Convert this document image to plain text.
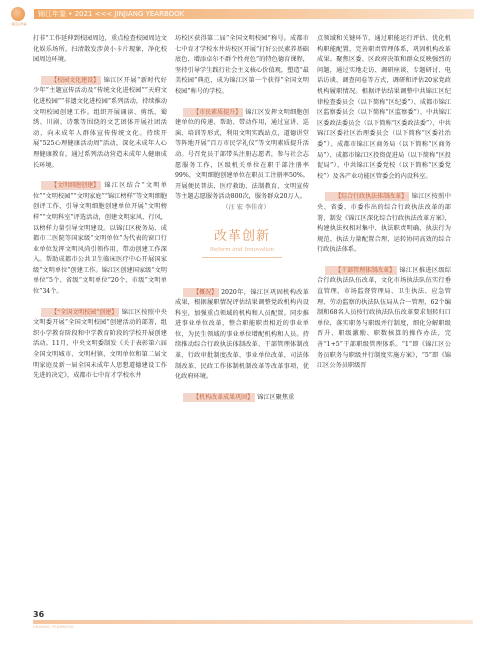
锦江区年鉴
锦江年鉴 • 2021 <<< JINJIANG YEARBOOK

打非”工作延伸到校园周边，重点检查校园周边文化娱乐场所，扫清散发涉黄小卡片现象，净化校园周边环境。

【校园文化建设】 锦江区开展“新时代好少年”主题宣传活动及“传统文化进校园”“天府文化进校园”“非遗文化进校园”系列活动，持续推动文明校园创建工作。组织开展诵读、剪纸、蜀绣、川剧、诗歌等围绕的文艺团体开展社团活动，向未成年人群体宣传传统文化。持续开展“525心理健康活动周”活动，深化未成年人心理健康教育。通过系列活动营造未成年人健康成长环境。

【文明细胞创建】 锦江区结合“文明单位”“文明校园”“文明家庭”“锦江榜样”等文明细胞创评工作，引导文明细胞创建单位开展“文明榜样”“文明科室”评选活动，创建文明家风、行风，以榜样力量引导文明建设。以锦江区税务局、成都市二医院等国家级“文明单位”为代表的窗口行业单位发挥文明风尚引领作用，带动创建工作深入。帮助成都市公共卫生临床医疗中心开展国家级“文明单位”创建工作。锦江区创建国家级“文明单位”5个、省级“文明单位”20个、市级“文明单位”34个。

【“全国文明校园”创建】 锦江区按照中央文明委开展“全国文明校园”创建活动的部署，组织小学教育阶段和中学教育阶段的学校开展创建活动。11月，中央文明委制发《关于表彰第六届全国文明城市、文明村镇、文明单位和第二届文明家庭及新一届全国未成年人思想道德建设工作先进的决定》，成都市七中育才学校水井

坊校区获得第二届“全国文明校园”称号。成都市七中育才学校水井坊校区开展“打好公民素养基础底色、增添卓尔不群个性亮色”的特色德育课程，坚持引导学生践行社会主义核心价值观，塑造“最美校园”典范，成为锦江区第一个获得“全国文明校园”称号的学校。

【市民素质提升】 锦江区发挥文明细胞创建单位的传递、帮助、带动作用，通过宣讲、巡演、培训等形式，利用文明实践站点，道德讲堂等阵地开展“百万市民学礼仪”等文明素质提升活动。号召党员干部带头注册志愿者，参与社会志愿服务工作，区级机关单位在职干部注册率99%，文明细胞创建单位在职员工注册率50%。开展便民普法、医疗救助、法制教育、文明宣传等主题志愿服务活动800次，服务群众20万人。

（汪 宏 李佳奇）

改革创新
Reform and Innovation

【概况】 2020年，锦江区巩固机构改革成果，根据履职情况评估结果调整党政机构内设科室，加强重点领域的机构和人员配置。同步推进事业单位改革，整合职能职责相近的事业单位，为民生领域的事业单位增配机构和人员。持续推动综合行政执法体制改革、干部管理体制改革、行政审批制度改革、事业单位改革、司法体制改革、民政工作体制机制改革等改革事项，优化政府环境。

【机构改革成果巩固】 锦江区聚焦重

点领域和关键环节，通过职能运行评估、优化机构职能配置，完善职责管理体系，巩固机构改革成果。聚焦区委、区政府决策和群众反映强烈的问题，通过实地走访、调研座谈、专题研讨、电话访谈、调查问卷等方式，调研和评估20家党政机构履职情况。根据评估结果调整中共锦江区纪律检查委员会（以下简称“区纪委”）、成都市锦江区监察委员会（以下简称“区监察委”）、中共锦江区委政法委员会（以下简称“区委政法委”）、中共锦江区委社区治理委员会（以下简称“区委社治委”）、成都市锦江区商务局（以下简称“区商务局”）、成都市锦江区投资促进局（以下简称“区投促局”）、中共锦江区委党校（以下简称“区委党校”）及各产业功能区管委会的内设科室。

【综合行政执法体制改革】 锦江区按照中央、省委、市委作出的综合行政执法改革的部署，制发《锦江区深化综合行政执法改革方案》，构建执法权相对集中、执法职责明确、执法行为规范、执法力量配置合理、运转协同高效的综合行政执法体系。

【干部管理体制改革】 锦江区推进区级综合行政执法队伍改革，文化市场执法队伍实行垂直管理，市场监督管理局、卫生执法、应急管理、劳动监察的执法队伍局从合一管理，62个编制和68名人员按行政执法队伍改革要求划转归口单位，落实职务与职级并行制度，细化分解职级晋升、职级激励、职数核算的操作办法，完善“1+5”干部职级管理体系。“1”即《锦江区公务员职务与职级并行制度实施方案》，“5”即《锦江区公务员职级晋

36
JINJIANG YEARBOOK
